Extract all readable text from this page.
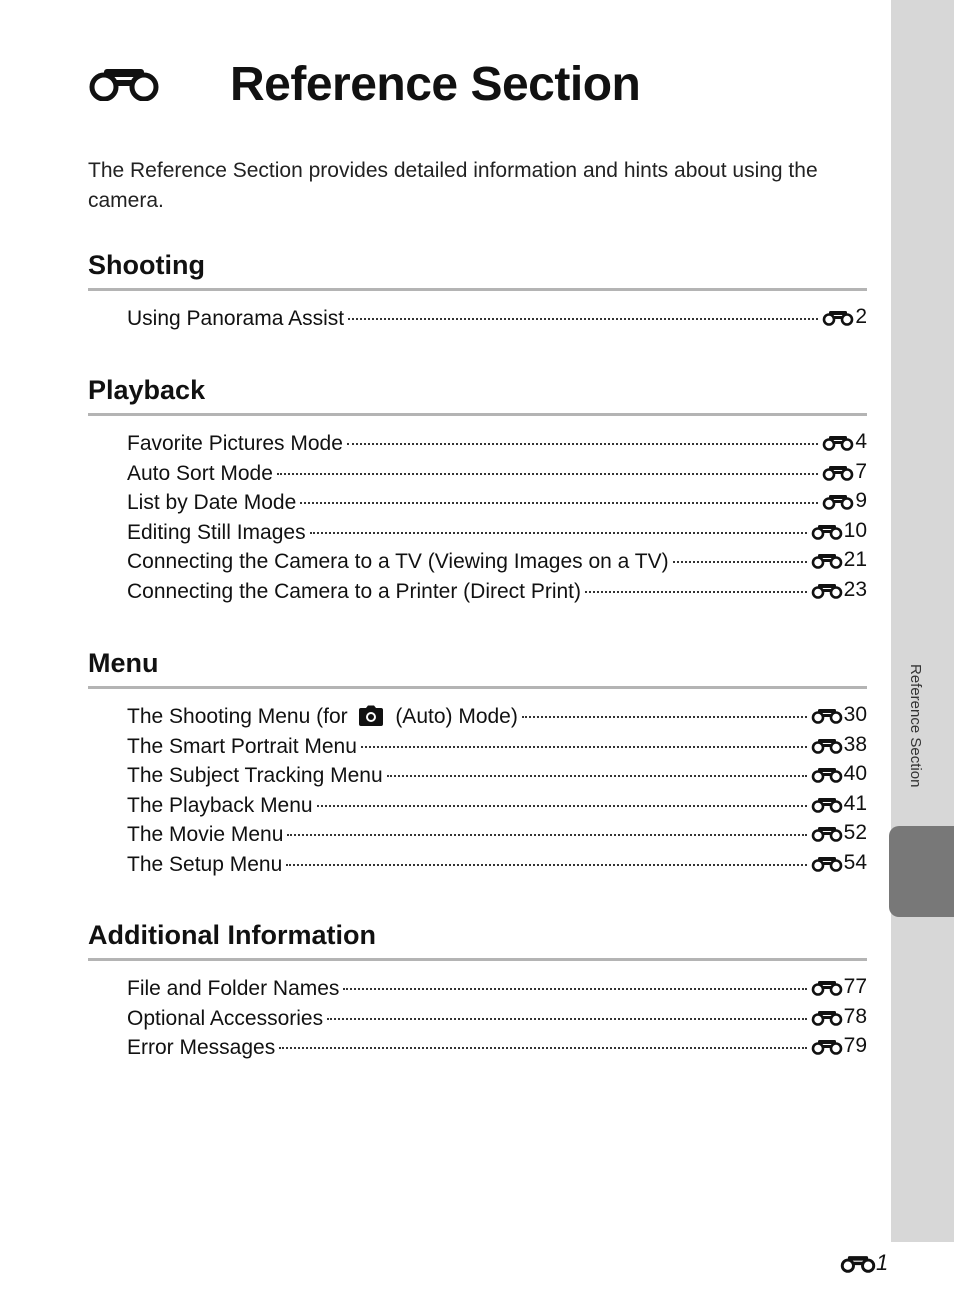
Reference Section
The Reference Section provides detailed information and hints about using the camera.
Shooting
Using Panorama Assist	2
Playback
Favorite Pictures Mode	4
Auto Sort Mode	7
List by Date Mode	9
Editing Still Images	10
Connecting the Camera to a TV (Viewing Images on a TV)	21
Connecting the Camera to a Printer (Direct Print)	23
Menu
The Shooting Menu (for (Auto) Mode)	30
The Smart Portrait Menu	38
The Subject Tracking Menu	40
The Playback Menu	41
The Movie Menu	52
The Setup Menu	54
Additional Information
File and Folder Names	77
Optional Accessories	78
Error Messages	79
Reference Section
1
